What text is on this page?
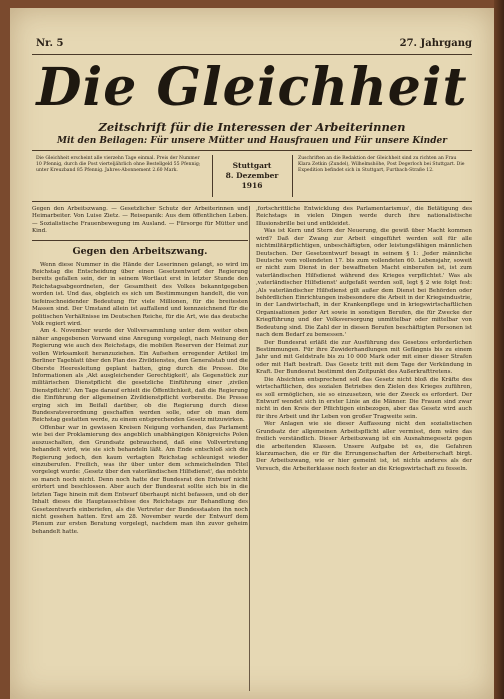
Nr. 5	27. Jahrgang
Die Gleichheit
Zeitschrift für die Interessen der Arbeiterinnen
Mit den Beilagen: Für unsere Mütter und Hausfrauen und Für unsere Kinder
Die Gleichheit erscheint alle vierzehn Tage einmal. Preis der Nummer 10 Pfennig, durch die Post vierteljährlich ohne Bestellgeld 55 Pfennig; unter Kreuzband 85 Pfennig. Jahres-Abonnement 2.60 Mark.
Stuttgart
8. Dezember 1916
Zuschriften an die Redaktion der Gleichheit sind zu richten an Frau Klara Zetkin (Zundel), Wilhelmshöhe, Post Degerloch bei Stuttgart. Die Expedition befindet sich in Stuttgart, Furtbach-Straße 12.
Gegen den Arbeitszwang. — Gesetzlicher Schutz der Arbeiterinnen und Heimarbeiter. Von Luise Zietz. — Reisepanik: Aus dem öffentlichen Leben. — Sozialistische Frauenbewegung im Ausland. — Fürsorge für Mütter und Kind.
Gegen den Arbeitszwang.

Wenn diese Nummer in die Hände der Leserinnen gelangt, so wird im Reichstag die Entscheidung über einen Gesetzentwurf der Regierung bereits gefallen sein, der in seinem Wortlaut erst in letzter Stunde den Reichstagsabgeordneten, der Gesamtheit des Volkes bekanntgegeben worden ist. Und das, obgleich es sich um Bestimmungen handelt, die von tiefeinschneidender Bedeutung für viele Millionen, für die breitesten Massen sind. Der Umstand allein ist auffallend und kennzeichnend für die politischen Verhältnisse im Deutschen Reiche, für die Art, wie das deutsche Volk regiert wird.

Am 4. November wurde der Vollversammlung unter dem weiter oben näher angegebenen Vorwand eine Anregung vorgelegt, nach Meinung der Regierung wie auch des Reichstags, die mobilen Reserven der Heimat zur vollen Wirksamkeit heranzuziehen. Ein Aufsehen erregender Artikel im Berliner Tageblatt über den Plan des Zivildienstes, den Generalstab und die Oberste Heeresleitung geplant hatten, ging durch die Presse. Die Informationen als ‚Akt ausgleichender Gerechtigkeit', als Gegenstück zur militärischen Dienstpflicht die gesetzliche Einführung einer ‚zivilen Dienstpflicht'. Am Tage darauf erhielt die Öffentlichkeit, daß die Regierung die Einführung der allgemeinen Zivildienstpflicht vorbereite. Die Presse erging sich im Beifall darüber, ob die Regierung durch diese Bundesratsverordnung geschaffen werden solle, oder ob man dem Reichstag gestatten werde, zu einem entsprechenden Gesetz mitzuwirken.

Offenbar war in gewissen Kreisen Neigung vorhanden, das Parlament wie bei der Proklamierung des angeblich unabhängigen Königreichs Polen auszuschalten, den Grundsatz gebrauchend, daß eine Vollvertretung behandelt wird, wie sie sich behandeln läßt. Am Ende entschloß sich die Regierung jedoch, den kaum vertagten Reichstag schleunigst wieder einzuberufen. Freilich, was ihr über unter dem schmeichelnden Titel vorgelegt wurde: ‚Gesetz über den vaterländischen Hilfsdienst', das möchte so manch noch nicht. Denn noch hatte der Bundesrat den Entwurf nicht erörtert und beschlossen. Aber auch der Bundesrat sollte sich bis in die letzten Tage hinein mit dem Entwurf überhaupt nicht befassen, und ob der Inhalt dieses die Hauptausschüsse des Reichstags zur Behandlung des Gesetzentwurfs einberiefen, als die Vertreter der Bundesstaaten ihn noch nicht gesehen hatten. Erst am 28. November wurde der Entwurf dem Plenum zur ersten Beratung vorgelegt, nachdem man ihn zuvor geheim behandelt hatte.

‚fortschrittliche Entwicklung des Parlamentarismus', die Betätigung des Reichstags in vielen Dingen werde durch ihre nationalistische Illusionsbrille bei und entkleidet.

Was ist Kern und Stern der Neuerung, die gewiß über Macht kommen wird? Daß der Zwang zur Arbeit eingeführt werden soll für alle nichtmilitärpflichtigen, unbeschäftigten, oder leistungsfähigen männlichen Deutschen. Der Gesetzentwurf besagt in seinem § 1: ‚Jeder männliche Deutsche vom vollendeten 17. bis zum vollendeten 60. Lebensjahr, soweit er nicht zum Dienst in der bewaffneten Macht einberufen ist, ist zum vaterländischen Hilfsdienst während des Krieges verpflichtet.' Was als ‚vaterländischer Hilfsdienst' aufgefaßt werden soll, legt § 2 wie folgt fest: ‚Als vaterländischer Hilfsdienst gilt außer dem Dienst bei Behörden oder behördlichen Einrichtungen insbesondere die Arbeit in der Kriegsindustrie, in der Landwirtschaft, in der Krankenpflege und in kriegswirtschaftlichen Organisationen jeder Art sowie in sonstigen Berufen, die für Zwecke der Kriegführung und der Volksversorgung unmittelbar oder mittelbar von Bedeutung sind. Die Zahl der in diesen Berufen beschäftigten Personen ist nach dem Bedarf zu bemessen.'

Der Bundesrat erläßt die zur Ausführung des Gesetzes erforderlichen Bestimmungen. Für ihre Zuwiderhandlungen mit Gefängnis bis zu einem Jahr und mit Geldstrafe bis zu 10 000 Mark oder mit einer dieser Strafen oder mit Haft bestraft. Das Gesetz tritt mit dem Tage der Verkündung in Kraft. Der Bundesrat bestimmt den Zeitpunkt des Außerkrafttretens.

Die Absichten entsprechend soll das Gesetz nicht bloß die Kräfte des wirtschaftlichen, des sozialen Betriebes den Zielen des Krieges zuführen, es soll ermöglichen, sie so einzusetzen, wie der Zweck es erfordert. Der Entwurf wendet sich in erster Linie an die Männer. Die Frauen sind zwar nicht in den Kreis der Pflichtigen einbezogen, aber das Gesetz wird auch für ihre Arbeit und ihr Leben von großer Tragweite sein.

Wer Anlagen wie sie dieser Auffassung nicht den sozialistischen Grundsatz der allgemeinen Arbeitspflicht aller vermisst, dem wäre das freilich verständlich. Dieser Arbeitszwang ist ein Ausnahmegesetz gegen die arbeitenden Klassen. Unsere Aufgabe ist es, die Gefahren klarzumachen, die er für die Errungenschaften der Arbeiterschaft birgt. Der Arbeitszwang, wie er hier gemeint ist, ist nichts anderes als der Versuch, die Arbeiterklasse noch fester an die Kriegswirtschaft zu fesseln.
